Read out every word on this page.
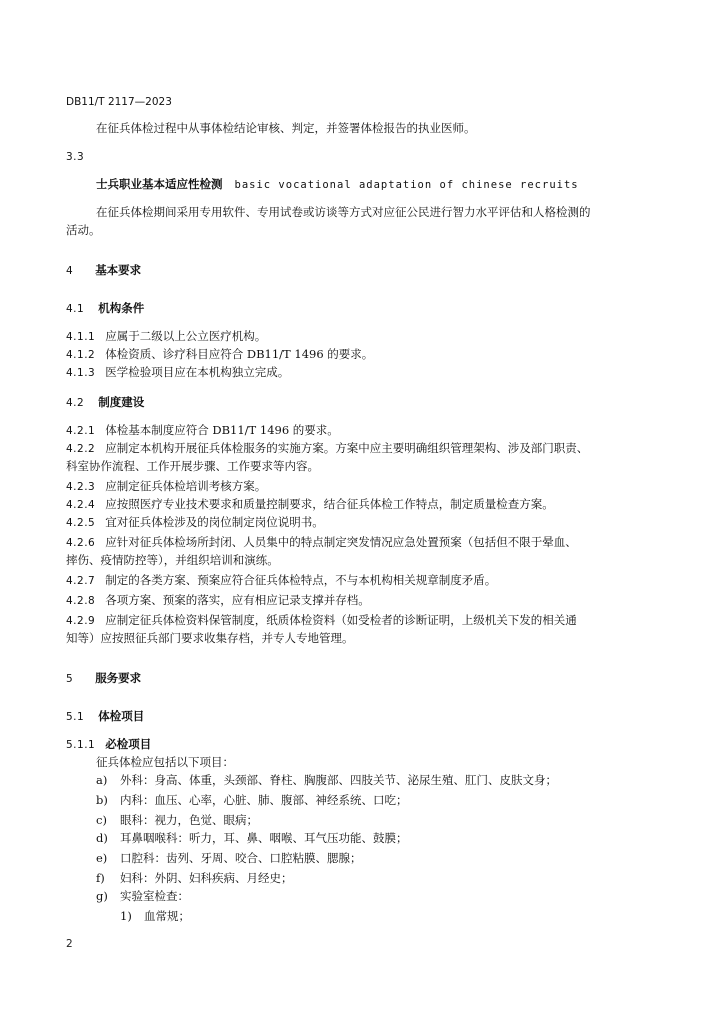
DB11/T 2117—2023
在征兵体检过程中从事体检结论审核、判定，并签署体检报告的执业医师。
3.3
士兵职业基本适应性检测 basic vocational adaptation of chinese recruits
在征兵体检期间采用专用软件、专用试卷或访谈等方式对应征公民进行智力水平评估和人格检测的
活动。
4 基本要求
4.1 机构条件
4.1.1 应属于二级以上公立医疗机构。
4.1.2 体检资质、诊疗科目应符合 DB11/T 1496 的要求。
4.1.3 医学检验项目应在本机构独立完成。
4.2 制度建设
4.2.1 体检基本制度应符合 DB11/T 1496 的要求。
4.2.2 应制定本机构开展征兵体检服务的实施方案。方案中应主要明确组织管理架构、涉及部门职责、
科室协作流程、工作开展步骤、工作要求等内容。
4.2.3 应制定征兵体检培训考核方案。
4.2.4 应按照医疗专业技术要求和质量控制要求，结合征兵体检工作特点，制定质量检查方案。
4.2.5 宜对征兵体检涉及的岗位制定岗位说明书。
4.2.6 应针对征兵体检场所封闭、人员集中的特点制定突发情况应急处置预案（包括但不限于晕血、
摔伤、疫情防控等），并组织培训和演练。
4.2.7 制定的各类方案、预案应符合征兵体检特点，不与本机构相关规章制度矛盾。
4.2.8 各项方案、预案的落实，应有相应记录支撑并存档。
4.2.9 应制定征兵体检资料保管制度，纸质体检资料（如受检者的诊断证明，上级机关下发的相关通
知等）应按照征兵部门要求收集存档，并专人专地管理。
5 服务要求
5.1 体检项目
5.1.1 必检项目
征兵体检应包括以下项目：
a) 外科：身高、体重，头颈部、脊柱、胸腹部、四肢关节、泌尿生殖、肛门、皮肤文身；
b) 内科：血压、心率，心脏、肺、腹部、神经系统、口吃；
c) 眼科：视力，色觉、眼病；
d) 耳鼻咽喉科：听力，耳、鼻、咽喉、耳气压功能、鼓膜；
e) 口腔科：齿列、牙周、咬合、口腔粘膜、腮腺；
f) 妇科：外阴、妇科疾病、月经史；
g) 实验室检查：
1) 血常规；
2
